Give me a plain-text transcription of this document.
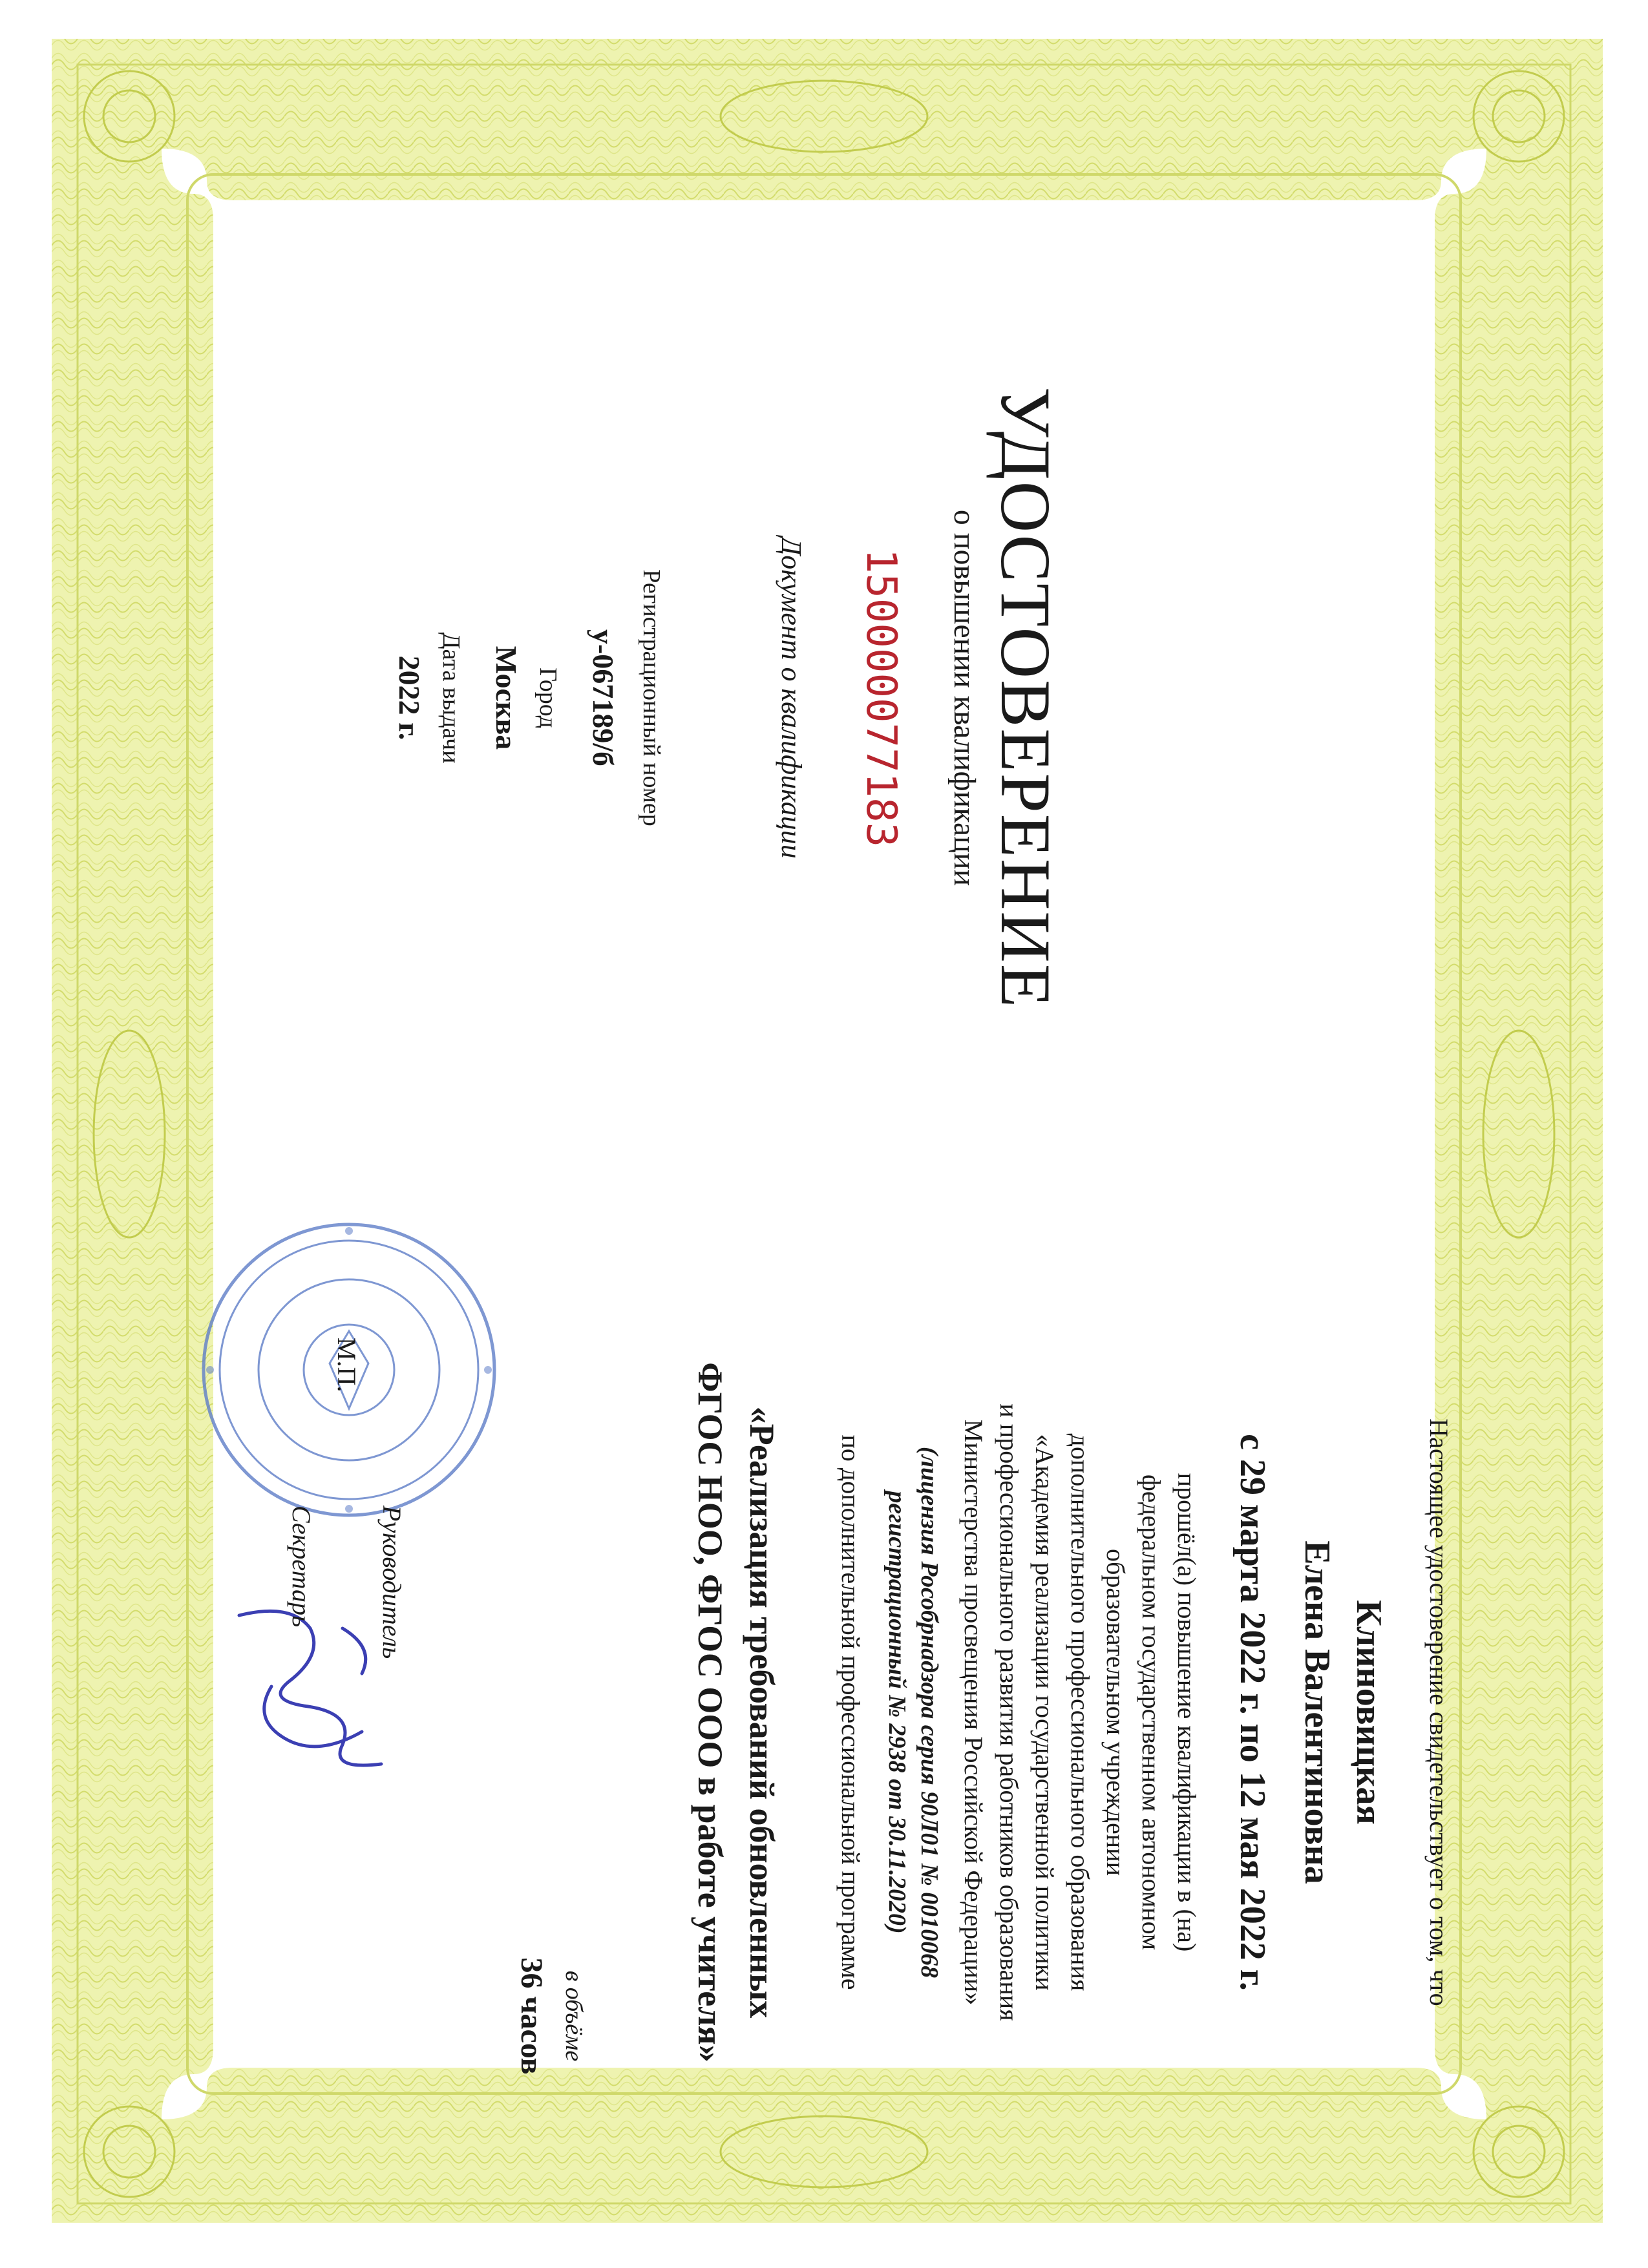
УДОСТОВЕРЕНИЕ
о повышении квалификации
150000077183
Документ о квалификации
Регистрационный номер
у-067189/б
Город
Москва
Дата выдачи
2022 г.
Настоящее удостоверение свидетельствует о том, что
Клиновицкая
Елена Валентиновна
с 29 марта 2022 г. по 12 мая 2022 г.
прошёл(а) повышение квалификации в (на)
федеральном государственном автономном
образовательном учреждении
дополнительного профессионального образования
«Академия реализации государственной политики
и профессионального развития работников образования
Министерства просвещения Российской Федерации»
(лицензия Рособрнадзора серия 90Л01 № 0010068
регистрационный № 2938 от 30.11.2020)
по дополнительной профессиональной программе
«Реализация требований обновленных
ФГОС НОО, ФГОС ООО в работе учителя»
в объёме
36 часов
Руководитель
М.П.
Секретарь
